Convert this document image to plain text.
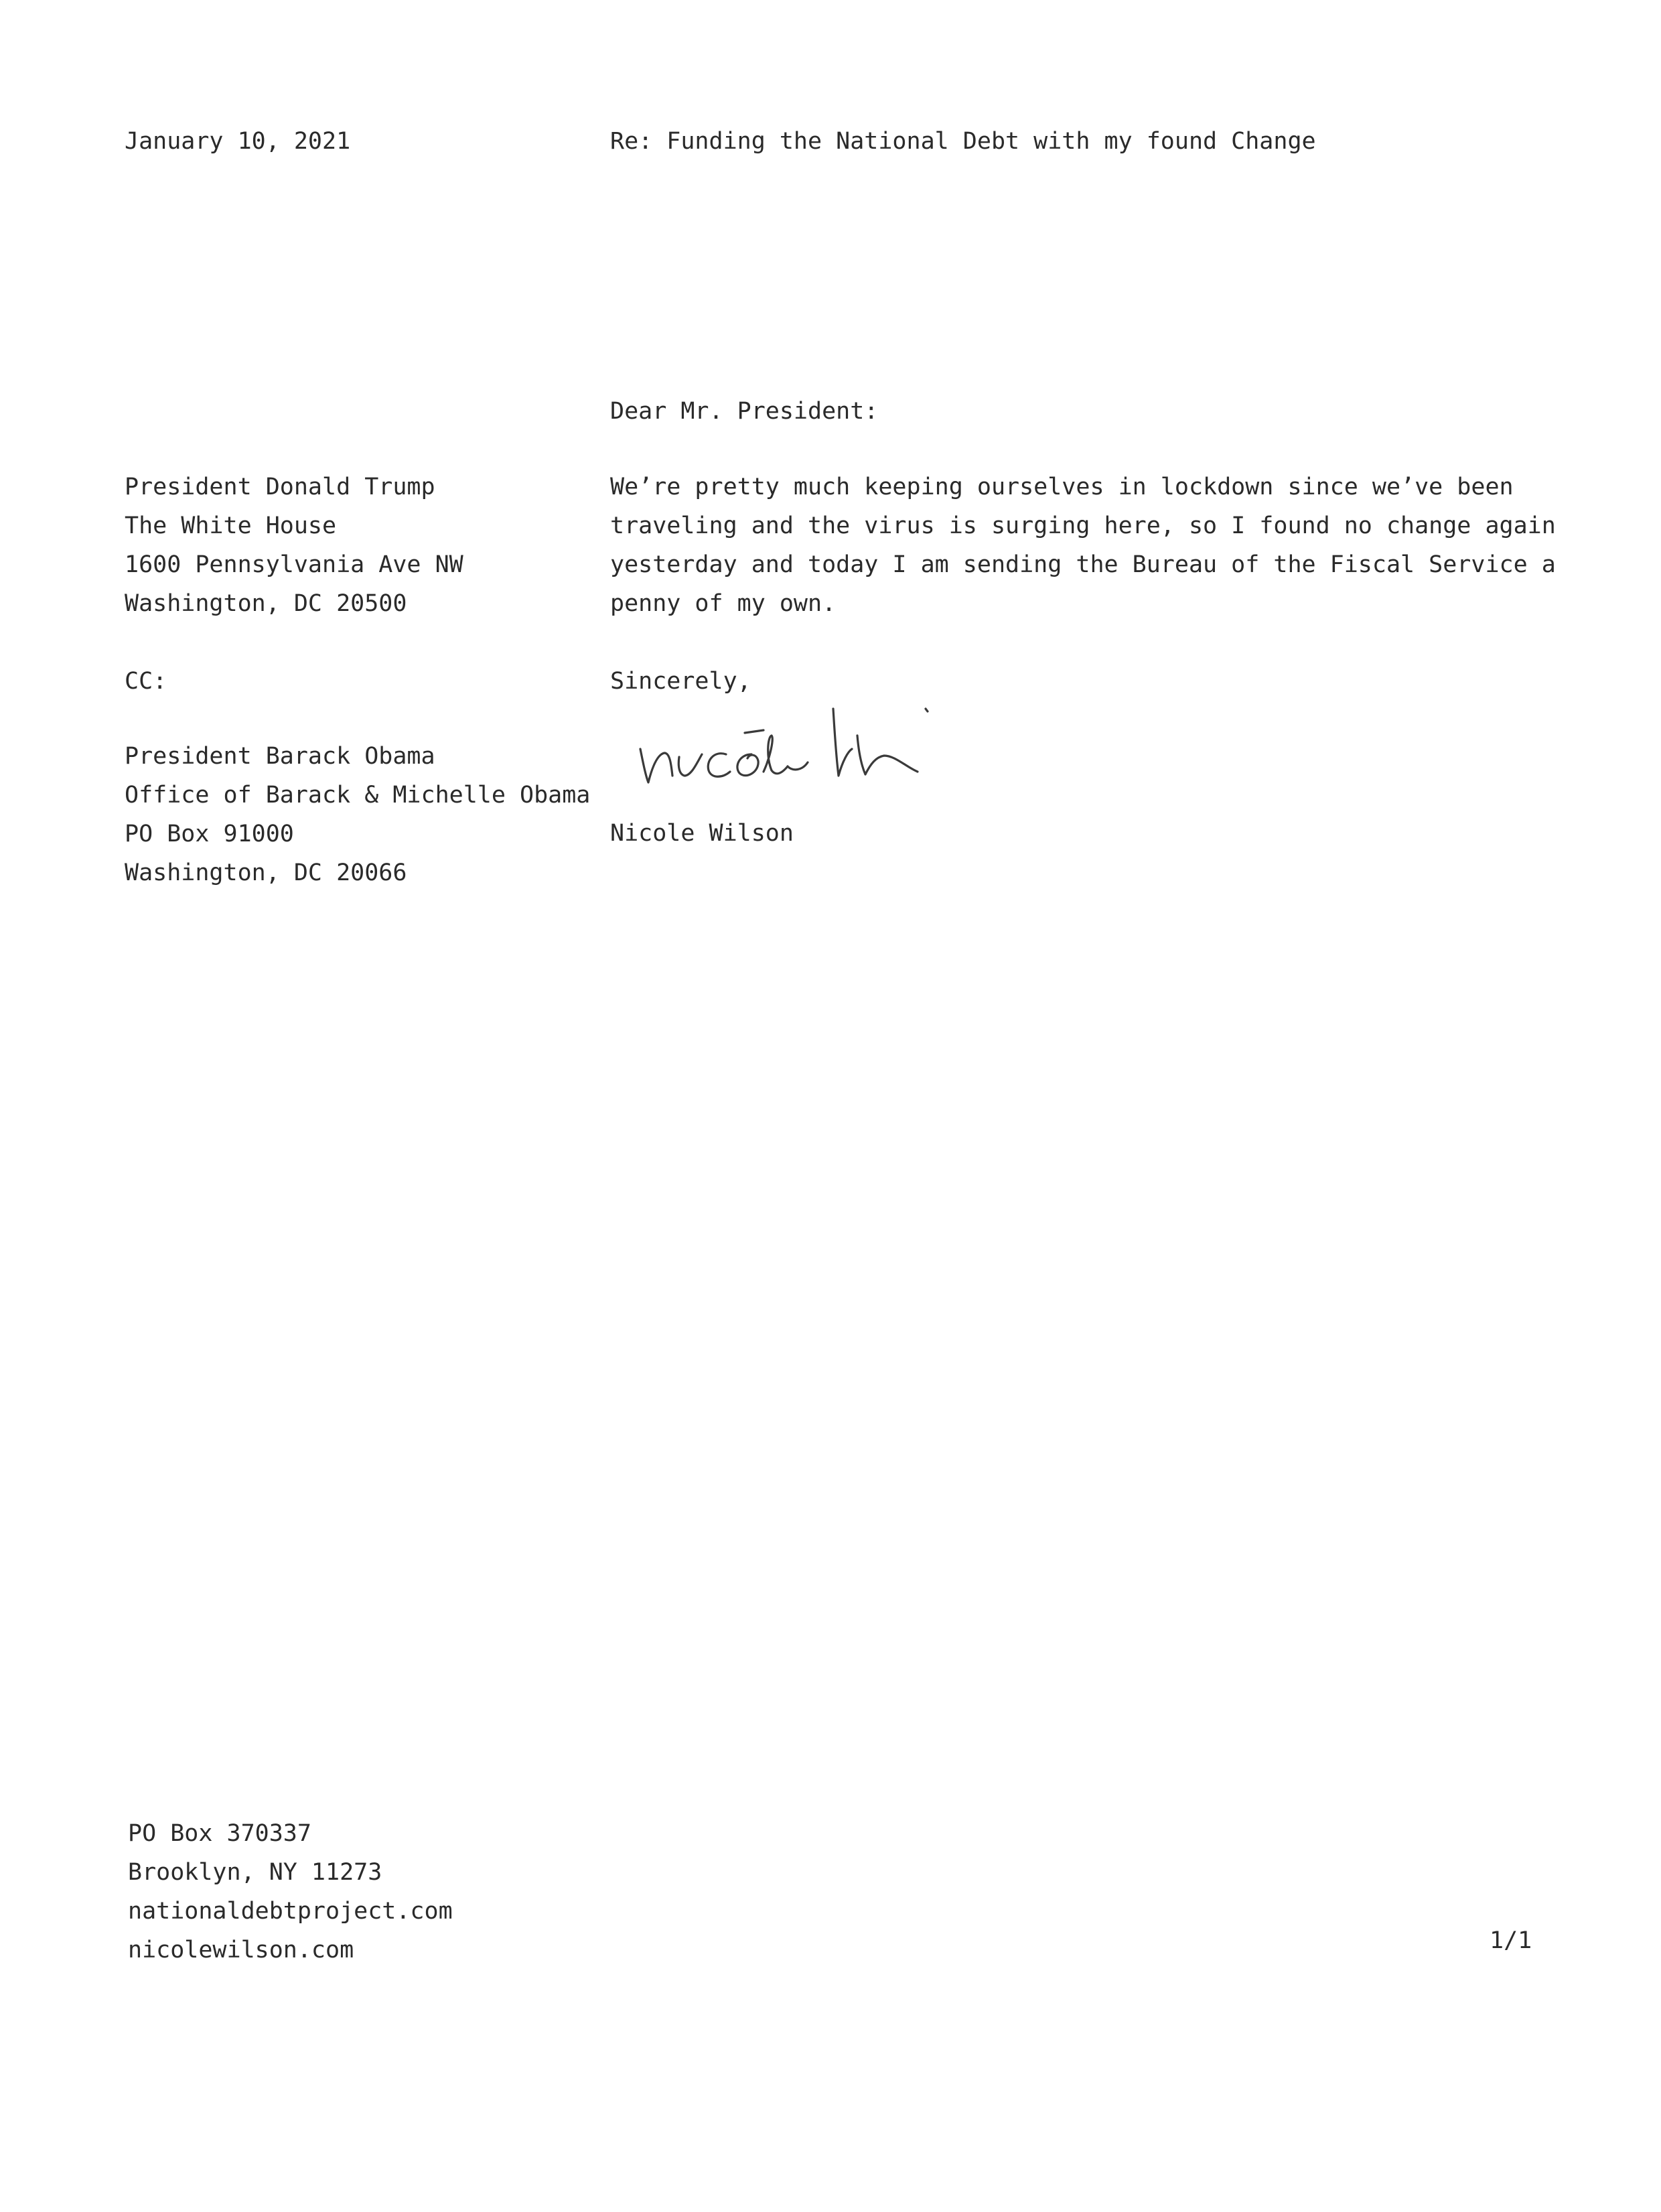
January 10, 2021	Re: Funding the National Debt with my found Change
Dear Mr. President:
President Donald Trump
The White House
1600 Pennsylvania Ave NW
Washington, DC 20500
We’re pretty much keeping ourselves in lockdown since we’ve been
traveling and the virus is surging here, so I found no change again
yesterday and today I am sending the Bureau of the Fiscal Service a
penny of my own.
CC:	Sincerely,
President Barack Obama
Office of Barack & Michelle Obama
PO Box 91000
Washington, DC 20066
Nicole Wilson
PO Box 370337
Brooklyn, NY 11273
nationaldebtproject.com
nicolewilson.com	1/1
